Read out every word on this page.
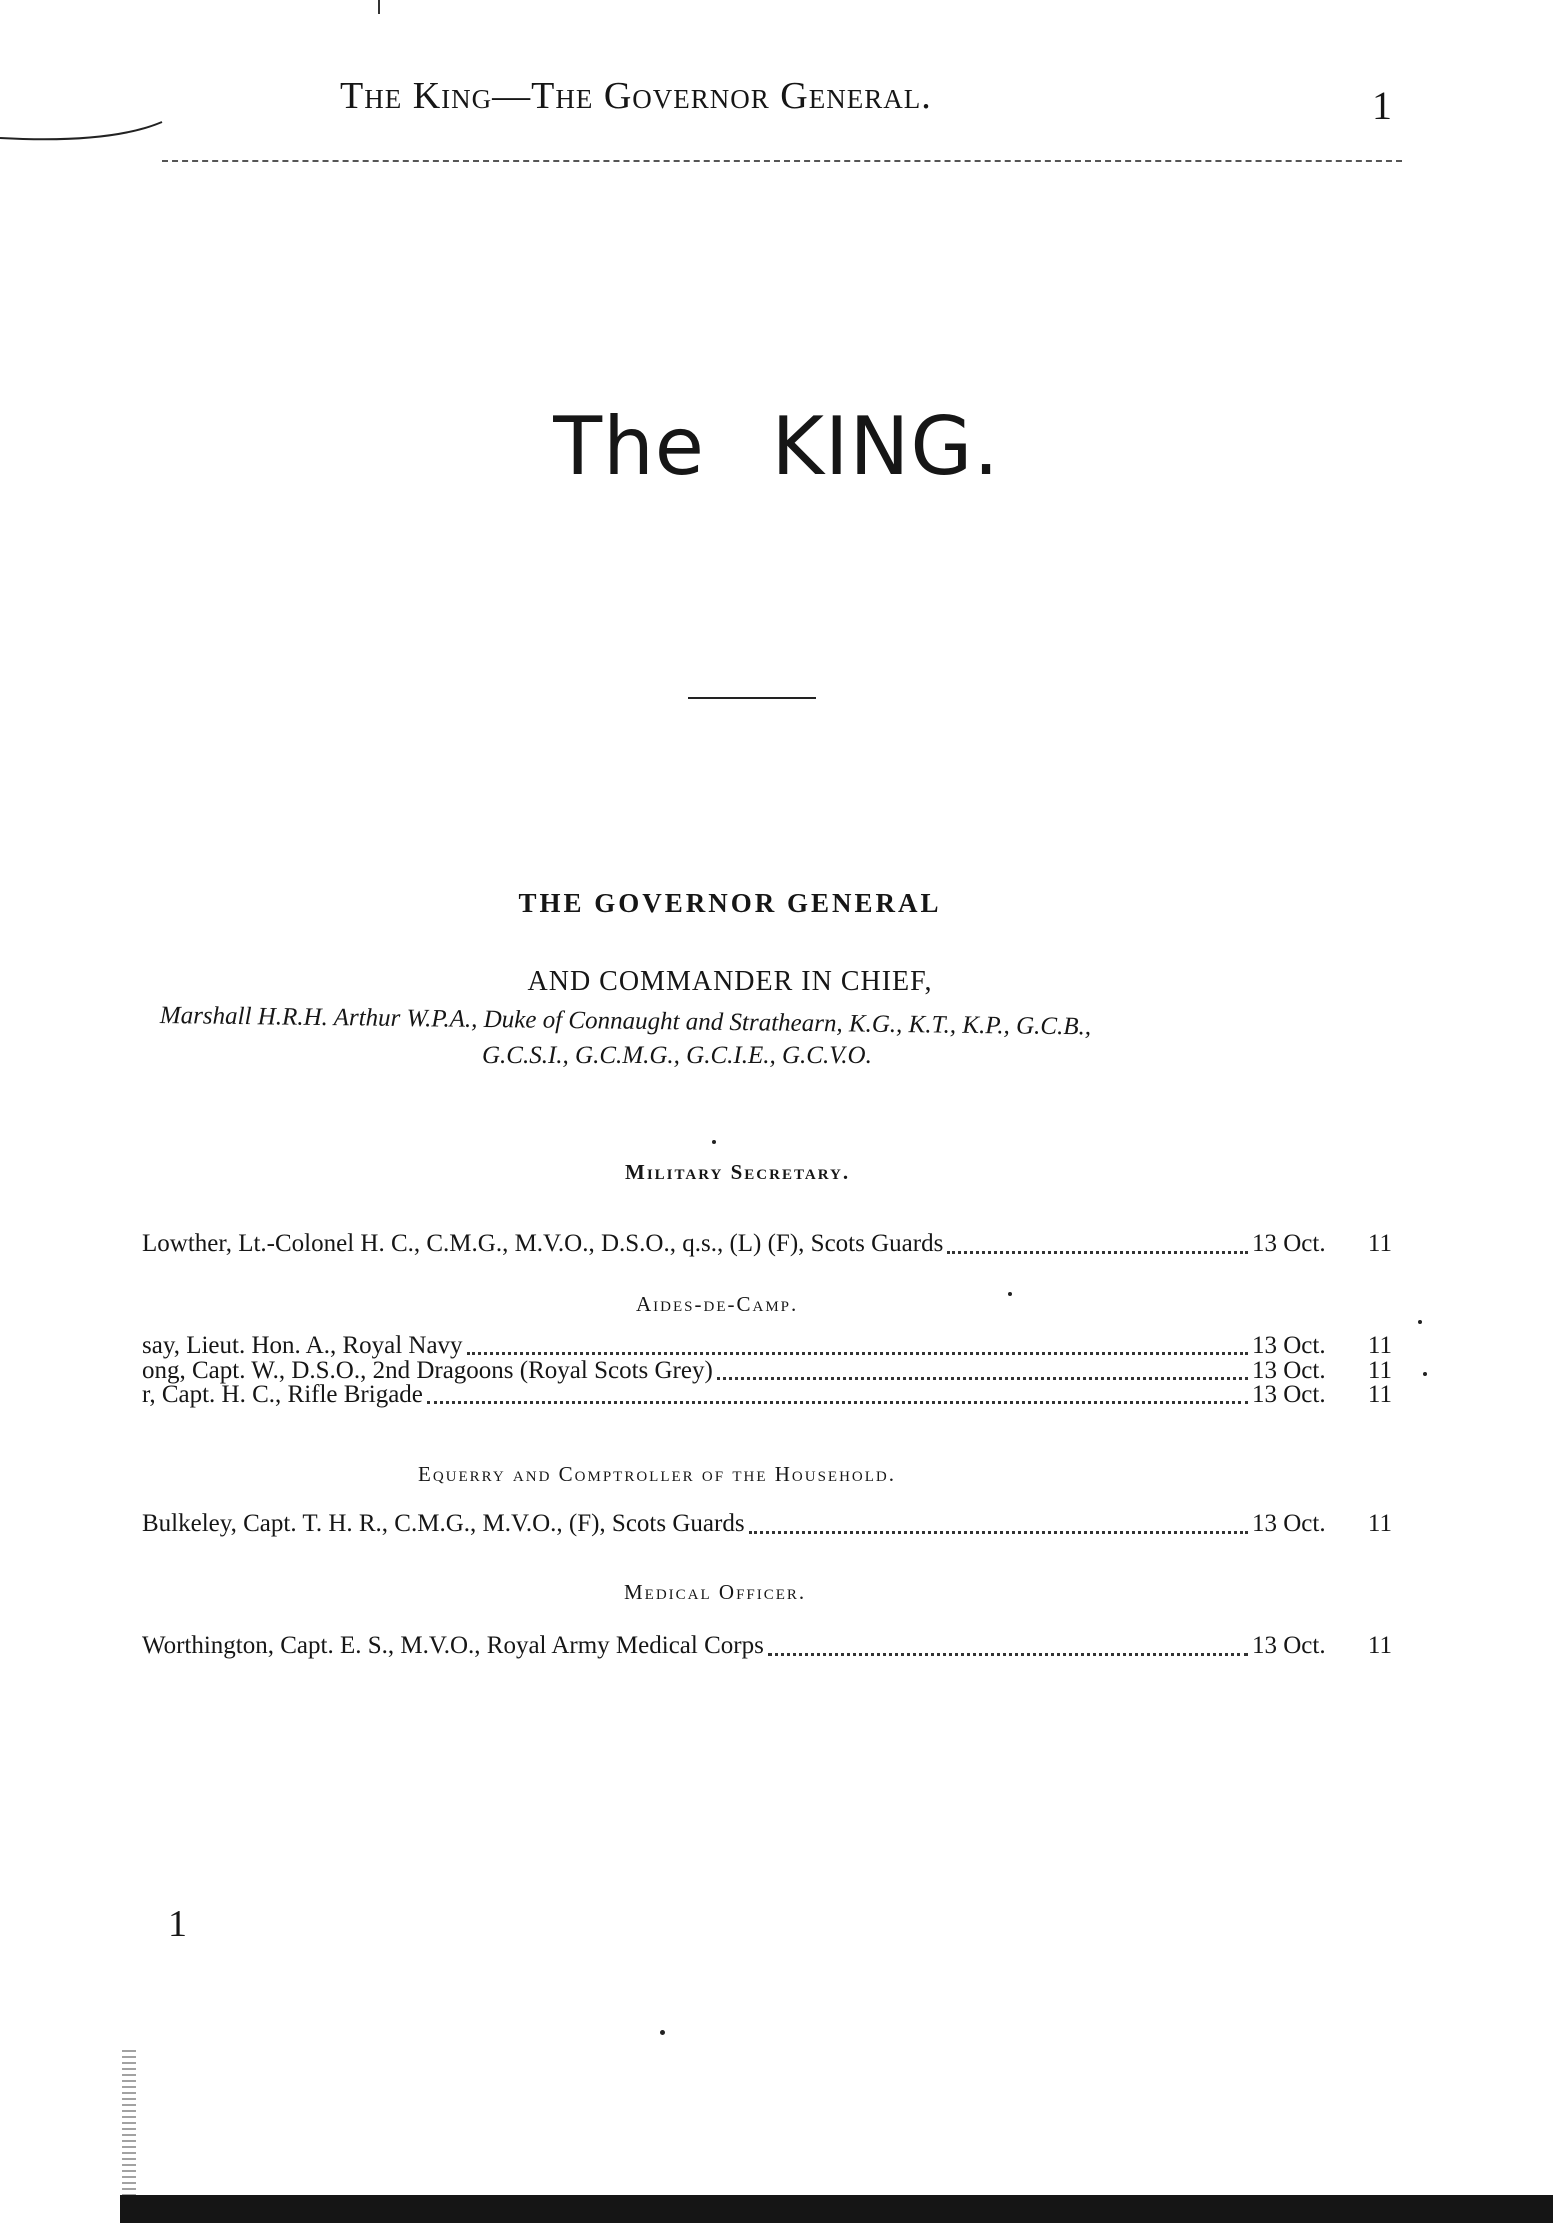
The King—The Governor General.	1
The KING.
THE GOVERNOR GENERAL
AND COMMANDER IN CHIEF,
Marshall H.R.H. Arthur W.P.A., Duke of Connaught and Strathearn, K.G., K.T., K.P., G.C.B.,
G.C.S.I., G.C.M.G., G.C.I.E., G.C.V.O.
Military Secretary.
Lowther, Lt.-Colonel H. C., C.M.G., M.V.O., D.S.O., q.s., (L) (F), Scots Guards	13 Oct.	11
Aides-de-Camp.
say, Lieut. Hon. A., Royal Navy	13 Oct.	11
ong, Capt. W., D.S.O., 2nd Dragoons (Royal Scots Grey)	13 Oct.	11
r, Capt. H. C., Rifle Brigade	13 Oct.	11
Equerry and Comptroller of the Household.
Bulkeley, Capt. T. H. R., C.M.G., M.V.O., (F), Scots Guards	13 Oct.	11
Medical Officer.
Worthington, Capt. E. S., M.V.O., Royal Army Medical Corps	13 Oct.	11
1
